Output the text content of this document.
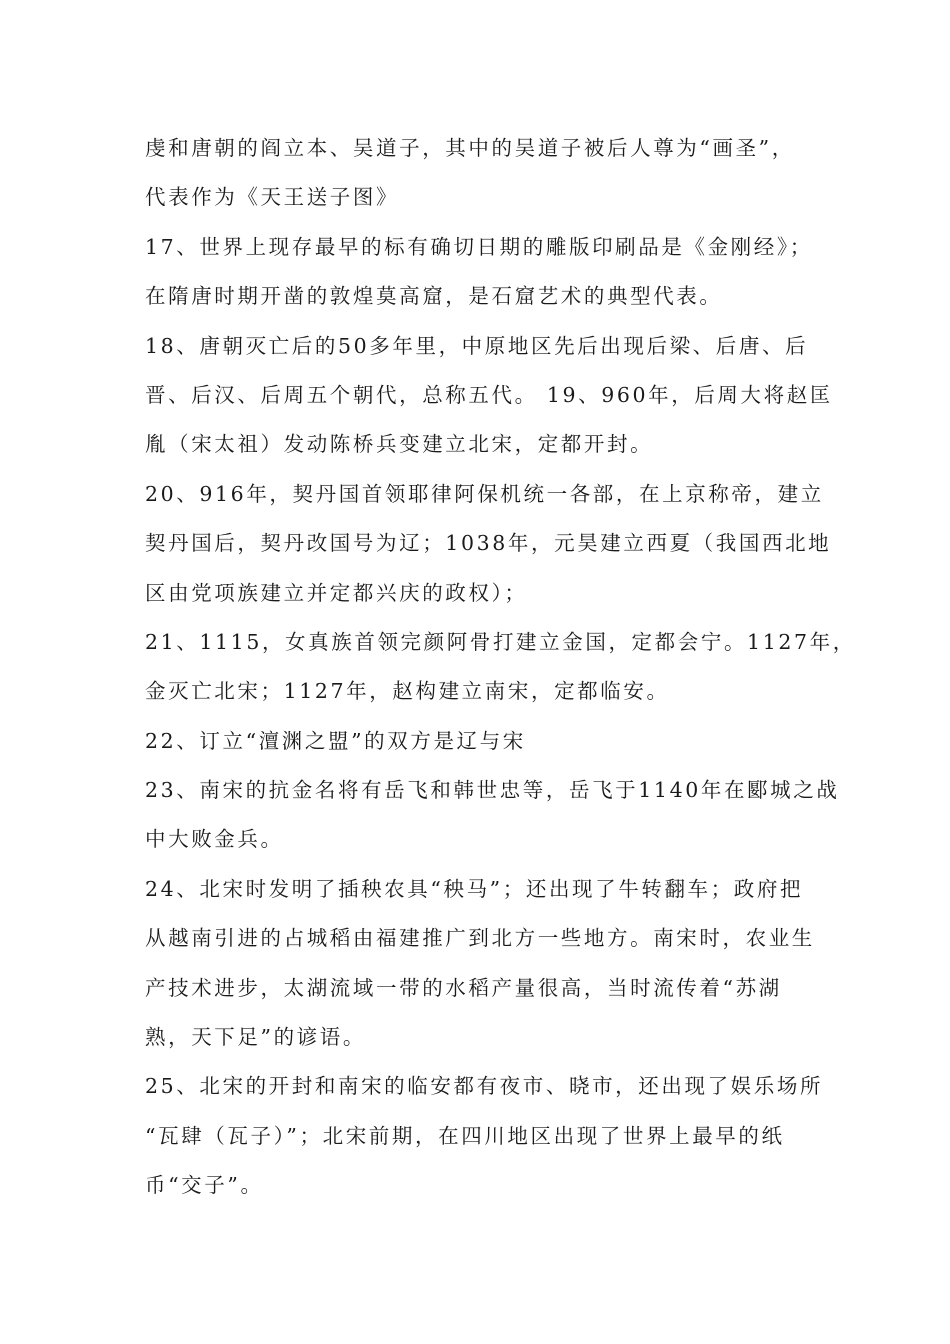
虔和唐朝的阎立本、吴道子，其中的吴道子被后人尊为“画圣”，
代表作为《天王送子图》
17、世界上现存最早的标有确切日期的雕版印刷品是《金刚经》；
在隋唐时期开凿的敦煌莫高窟，是石窟艺术的典型代表。
18、唐朝灭亡后的50多年里，中原地区先后出现后梁、后唐、后
晋、后汉、后周五个朝代，总称五代。 19、960年，后周大将赵匡
胤（宋太祖）发动陈桥兵变建立北宋，定都开封。
20、916年，契丹国首领耶律阿保机统一各部，在上京称帝，建立
契丹国后，契丹改国号为辽；1038年，元昊建立西夏（我国西北地
区由党项族建立并定都兴庆的政权）；
21、1115，女真族首领完颜阿骨打建立金国，定都会宁。1127年，
金灭亡北宋；1127年，赵构建立南宋，定都临安。
22、订立“澶渊之盟”的双方是辽与宋
23、南宋的抗金名将有岳飞和韩世忠等，岳飞于1140年在郾城之战
中大败金兵。
24、北宋时发明了插秧农具“秧马”；还出现了牛转翻车；政府把
从越南引进的占城稻由福建推广到北方一些地方。南宋时，农业生
产技术进步，太湖流域一带的水稻产量很高，当时流传着“苏湖
熟，天下足”的谚语。
25、北宋的开封和南宋的临安都有夜市、晓市，还出现了娱乐场所
“瓦肆（瓦子）”；北宋前期，在四川地区出现了世界上最早的纸
币“交子”。
